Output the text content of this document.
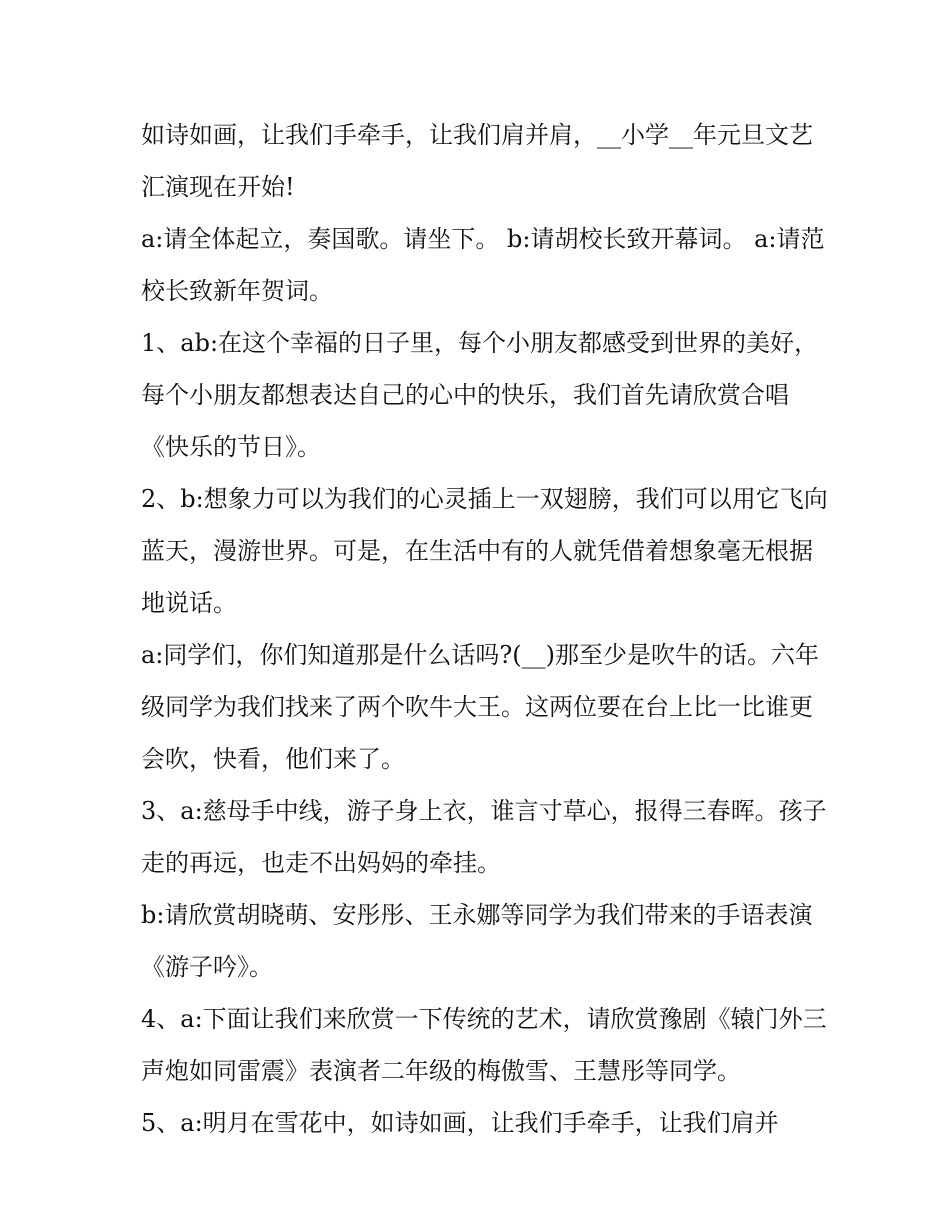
如诗如画，让我们手牵手，让我们肩并肩，__小学__年元旦文艺汇演现在开始!

a:请全体起立，奏国歌。请坐下。 b:请胡校长致开幕词。 a:请范校长致新年贺词。

1、ab:在这个幸福的日子里，每个小朋友都感受到世界的美好，每个小朋友都想表达自己的心中的快乐，我们首先请欣赏合唱《快乐的节日》。

2、b:想象力可以为我们的心灵插上一双翅膀，我们可以用它飞向蓝天，漫游世界。可是，在生活中有的人就凭借着想象毫无根据地说话。

a:同学们，你们知道那是什么话吗?(__)那至少是吹牛的话。六年级同学为我们找来了两个吹牛大王。这两位要在台上比一比谁更会吹，快看，他们来了。

3、a:慈母手中线，游子身上衣，谁言寸草心，报得三春晖。孩子走的再远，也走不出妈妈的牵挂。

b:请欣赏胡晓萌、安彤彤、王永娜等同学为我们带来的手语表演《游子吟》。

4、a:下面让我们来欣赏一下传统的艺术，请欣赏豫剧《辕门外三声炮如同雷震》表演者二年级的梅傲雪、王慧彤等同学。

5、a:明月在雪花中，如诗如画，让我们手牵手，让我们肩并
